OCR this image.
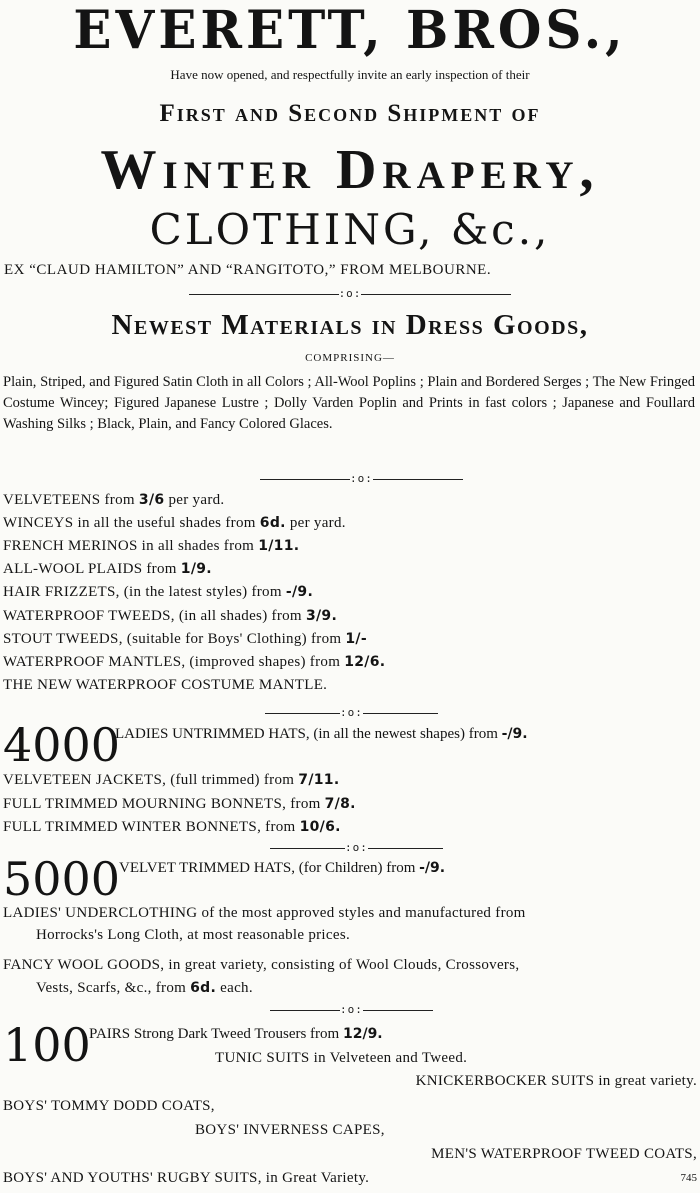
EVERETT, BROS.,
Have now opened, and respectfully invite an early inspection of their
First and Second Shipment of
Winter Drapery,
CLOTHING, &c.,
EX “CLAUD HAMILTON” AND “RANGITOTO,” FROM MELBOURNE.
:o:
Newest Materials in Dress Goods,
COMPRISING—
Plain, Striped, and Figured Satin Cloth in all Colors ; All-Wool Poplins ; Plain and Bordered Serges ; The New Fringed Costume Wincey; Figured Japanese Lustre ; Dolly Varden Poplin and Prints in fast colors ; Japanese and Foullard Washing Silks ; Black, Plain, and Fancy Colored Glaces.
:o:
VELVETEENS from 3/6 per yard.
WINCEYS in all the useful shades from 6d. per yard.
FRENCH MERINOS in all shades from 1/11.
ALL-WOOL PLAIDS from 1/9.
HAIR FRIZZETS, (in the latest styles) from -/9.
WATERPROOF TWEEDS, (in all shades) from 3/9.
STOUT TWEEDS, (suitable for Boys' Clothing) from 1/-
WATERPROOF MANTLES, (improved shapes) from 12/6.
THE NEW WATERPROOF COSTUME MANTLE.
:o:
4000
LADIES UNTRIMMED HATS, (in all the newest shapes) from -/9.
VELVETEEN JACKETS, (full trimmed) from 7/11.
FULL TRIMMED MOURNING BONNETS, from 7/8.
FULL TRIMMED WINTER BONNETS, from 10/6.
:o:
5000
VELVET TRIMMED HATS, (for Children) from -/9.
LADIES' UNDERCLOTHING of the most approved styles and manufactured from
Horrocks's Long Cloth, at most reasonable prices.
FANCY WOOL GOODS, in great variety, consisting of Wool Clouds, Crossovers,
Vests, Scarfs, &c., from 6d. each.
:o:
100
PAIRS Strong Dark Tweed Trousers from 12/9.
TUNIC SUITS in Velveteen and Tweed.
KNICKERBOCKER SUITS in great variety.
BOYS' TOMMY DODD COATS,
BOYS' INVERNESS CAPES,
MEN'S WATERPROOF TWEED COATS,
BOYS' AND YOUTHS' RUGBY SUITS, in Great Variety.	745
